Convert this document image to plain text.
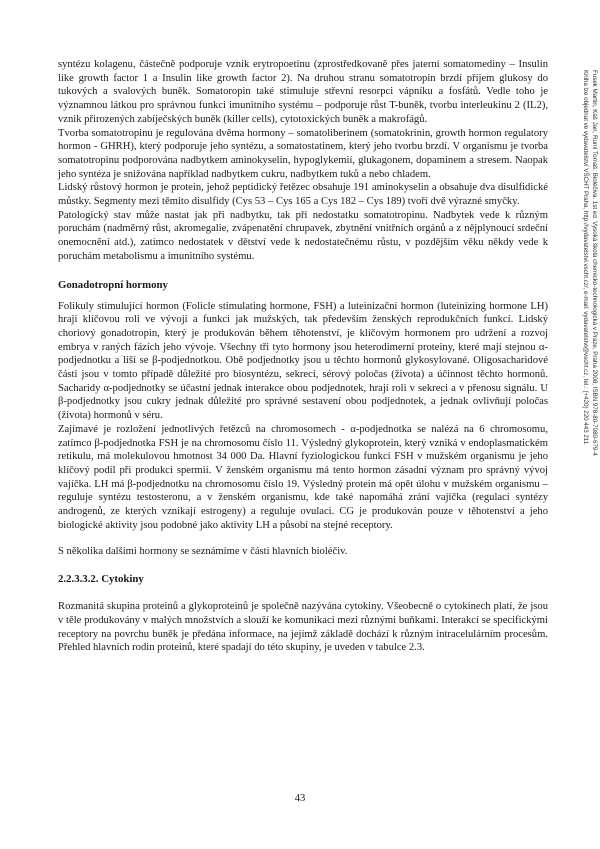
syntézu kolagenu, částečně podporuje vznik erytropoetinu (zprostředkovaně přes jaterní somatomediny – Insulin like growth factor 1 a Insulin like growth factor 2). Na druhou stranu somatotropin brzdí příjem glukosy do tukových a svalových buněk. Somatoropin také stimuluje střevní resorpci vápníku a fosfátů. Vedle toho je významnou látkou pro správnou funkci imunitního systému – podporuje růst T-buněk, tvorbu interleukinu 2 (IL2), vznik přirozených zabíječských buněk (killer cells), cytotoxických buněk a makrofágů.

Tvorba somatotropinu je regulována dvěma hormony – somatoliberinem (somatokrinin, growth hormon regulatory hormon - GHRH), který podporuje jeho syntézu, a somatostatinem, který jeho tvorbu brzdí. V organismu je tvorba somatotropinu podporována nadbytkem aminokyselin, hypoglykemií, glukagonem, dopaminem a stresem. Naopak jeho syntéza je snižována například nadbytkem cukru, nadbytkem tuků a nebo chladem.

Lidský růstový hormon je protein, jehož peptidický řetězec obsahuje 191 aminokyselin a obsahuje dva disulfidické můstky. Segmenty mezi těmito disulfidy (Cys 53 – Cys 165 a Cys 182 – Cys 189) tvoří dvě výrazné smyčky.

Patologický stav může nastat jak při nadbytku, tak při nedostatku somatotropinu. Nadbytek vede k různým poruchám (nadměrný růst, akromegalie, zvápenatění chrupavek, zbytnění vnitřních orgánů a z nějplynoucí srdeční onemocnění atd.), zatímco nedostatek v dětství vede k nedostatečnému růstu, v pozdějším věku někdy vede k poruchám metabolismu a imunitního systému.

Gonadotropní hormony

Folikuly stimulující hormon (Folicle stimulating hormone, FSH) a luteinizační hormon (luteinizing hormone LH) hrají klíčovou roli ve vývoji a funkci jak mužských, tak především ženských reprodukčních funkcí. Lidský choriový gonadotropin, který je produkován během těhotenství, je klíčovým hormonem pro udržení a rozvoj embrya v raných fázích jeho vývoje. Všechny tři tyto hormony jsou heterodimerní proteiny, které mají stejnou α-podjednotku a liší se β-podjednotkou. Obě podjednotky jsou u těchto hormonů glykosylované. Oligosacharidové části jsou v tomto případě důležité pro biosyntézu, sekreci, sérový poločas (života) a účinnost těchto hormonů. Sacharidy α-podjednotky se účastní jednak interakce obou podjednotek, hrají roli v sekreci a v přenosu signálu. U β-podjednotky jsou cukry jednak důležité pro správné sestavení obou podjednotek, a jednak ovlivňují poločas (života) hormonů v séru.

Zajímavé je rozložení jednotlivých řetězců na chromosomech - α-podjednotka se nalézá na 6 chromosomu, zatímco β-podjednotka FSH je na chromosomu číslo 11. Výsledný glykoprotein, který vzniká v endoplasmatickém retikulu, má molekulovou hmotnost 34 000 Da. Hlavní fyziologickou funkcí FSH v mužském organismu je jeho klíčový podíl při produkci spermií. V ženském organismu má tento hormon zásadní význam pro správný vývoj vajíčka. LH má β-podjednotku na chromosomu číslo 19. Výsledný protein má opět úlohu v mužském organismu – reguluje syntézu testosteronu, a v ženském organismu, kde také napomáhá zrání vajíčka (regulací syntézy androgenů, ze kterých vznikají estrogeny) a reguluje ovulaci. CG je produkován pouze v těhotenství a jeho biologické aktivity jsou podobné jako aktivity LH a působí na stejné receptory.

S několika dalšími hormony se seznámíme v části hlavních bioléčiv.

2.2.3.3.2. Cytokiny

Rozmanitá skupina proteinů a glykoproteinů je společně nazývána cytokiny. Všeobecně o cytokinech platí, že jsou v těle produkovány v malých množstvích a slouží ke komunikaci mezi různými buňkami. Interakcí se specifickými receptory na povrchu buněk je předána informace, na jejímž základě dochází k různým intracelulárním procesům. Přehled hlavních rodin proteinů, které spadají do této skupiny, je uveden v tabulce 2.3.

43
Fusek Martin, Káš Jan, Ruml Tomáš: Bioléčiva. 1st ed. Vysoká škola chemicko-technologická v Praze, Praha 2008, ISBN 978-80-7080-679-4
Kniha lze objednat ve vydavatelství VŠCHT Praha, http://vydavatelstvi.vscht.cz/, e-mail: vydavatelstvi@vscht.cz, tel.: (+420) 220 443 211
